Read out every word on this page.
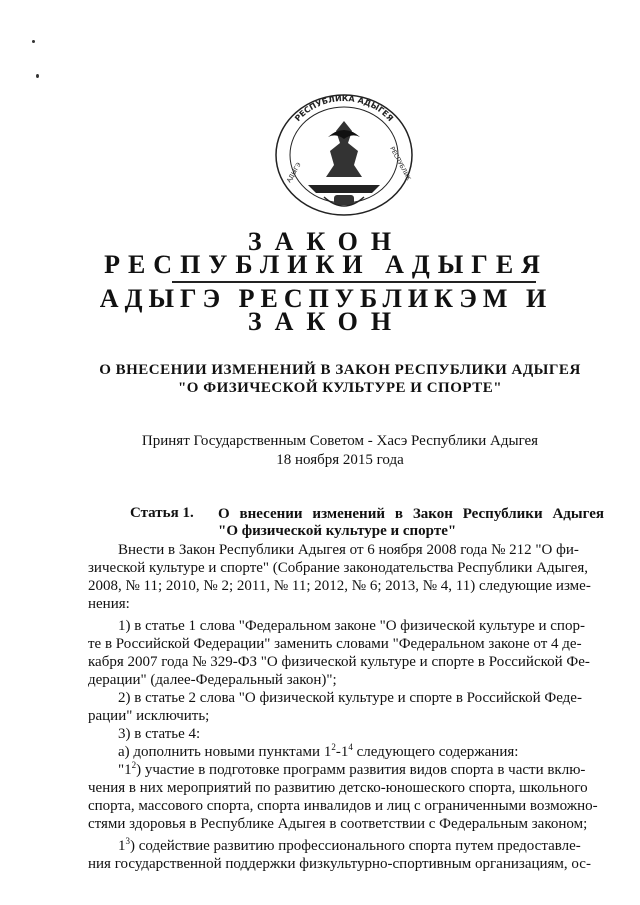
РЕСПУБЛИКА АДЫГЕЯ
АДЫГЭ	РЕСПУБЛИК
ЗАКОН
РЕСПУБЛИКИ АДЫГЕЯ
АДЫГЭ РЕСПУБЛИКЭМ И
ЗАКОН
О ВНЕСЕНИИ ИЗМЕНЕНИЙ В ЗАКОН РЕСПУБЛИКИ АДЫГЕЯ
"О ФИЗИЧЕСКОЙ КУЛЬТУРЕ И СПОРТЕ"
Принят Государственным Советом - Хасэ Республики Адыгея
18 ноября 2015 года
Статья 1. О внесении изменений в Закон Республики Адыгея
"О физической культуре и спорте"
Внести в Закон Республики Адыгея от 6 ноября 2008 года № 212 "О фи-
зической культуре и спорте" (Собрание законодательства Республики Адыгея,
2008, № 11; 2010, № 2; 2011, № 11; 2012, № 6; 2013, № 4, 11) следующие изме-
нения:
1) в статье 1 слова "Федеральном законе "О физической культуре и спор-
те в Российской Федерации" заменить словами "Федеральном законе от 4 де-
кабря 2007 года № 329-ФЗ "О физической культуре и спорте в Российской Фе-
дерации" (далее-Федеральный закон)";
2) в статье 2 слова "О физической культуре и спорте в Российской Феде-
рации" исключить;
3) в статье 4:
а) дополнить новыми пунктами $1^2-1^4$ следующего содержания:
"$1^2$) участие в подготовке программ развития видов спорта в части вклю-
чения в них мероприятий по развитию детско-юношеского спорта, школьного
спорта, массового спорта, спорта инвалидов и лиц с ограниченными возможно-
стями здоровья в Республике Адыгея в соответствии с Федеральным законом;
$1^3$) содействие развитию профессионального спорта путем предоставле-
ния государственной поддержки физкультурно-спортивным организациям, ос-
